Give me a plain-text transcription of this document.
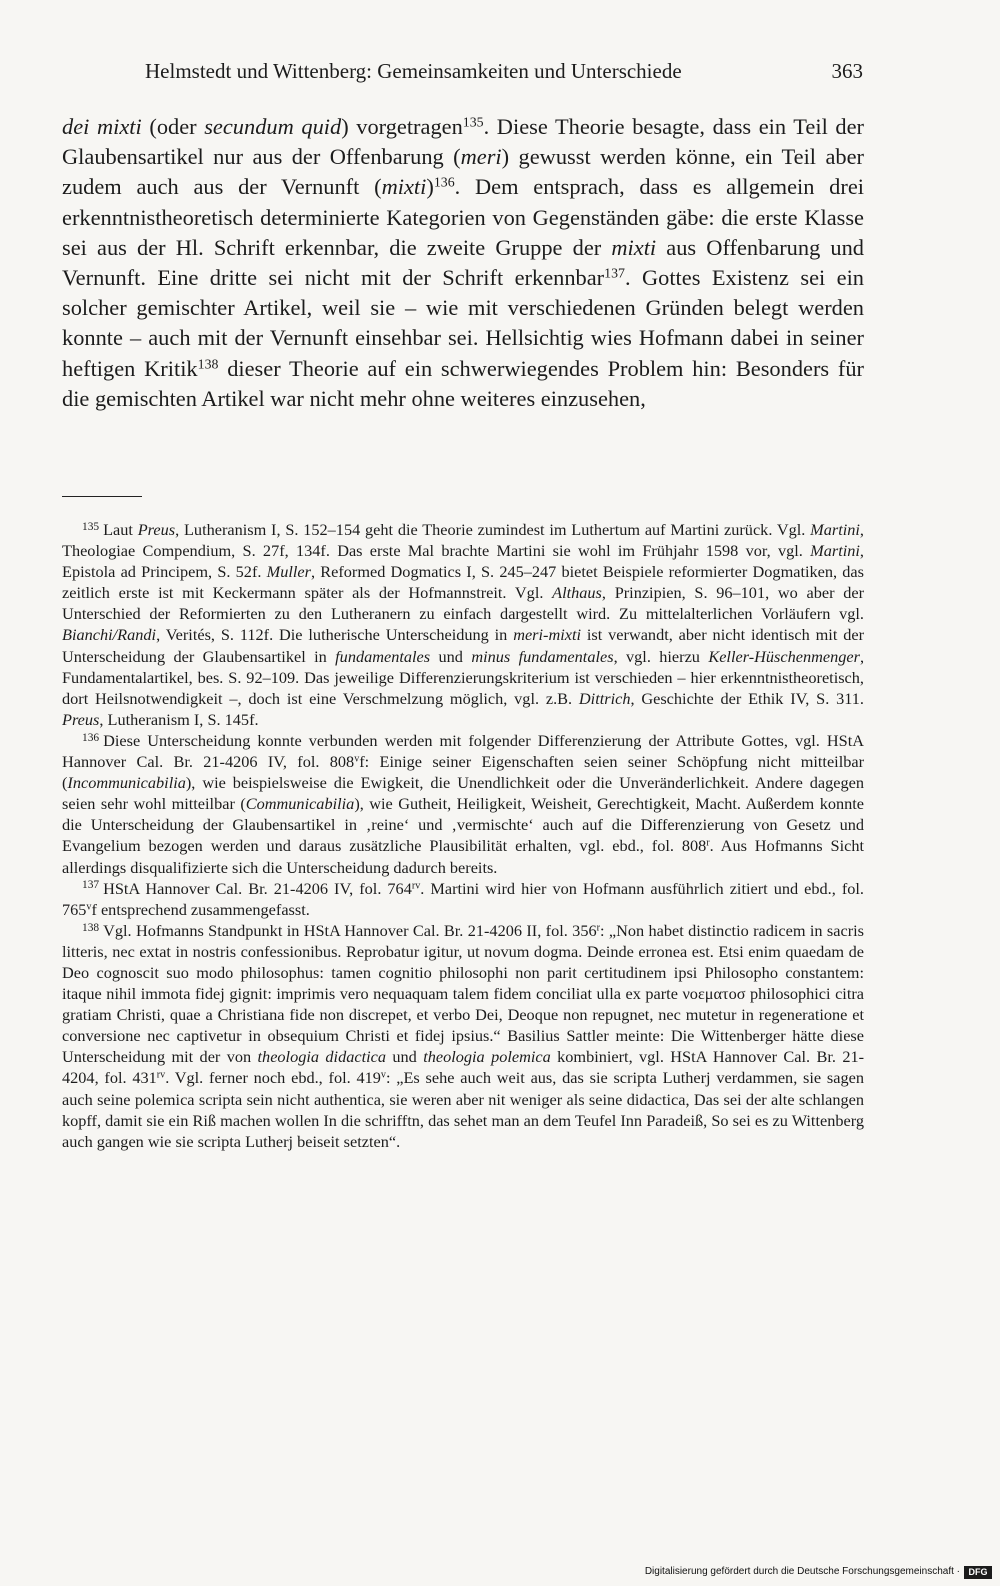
Helmstedt und Wittenberg: Gemeinsamkeiten und Unterschiede	363

dei mixti (oder secundum quid) vorgetragen$^{135}$. Diese Theorie besagte, dass ein Teil der Glaubensartikel nur aus der Offenbarung (meri) gewusst werden könne, ein Teil aber zudem auch aus der Vernunft (mixti)$^{136}$. Dem entsprach, dass es allgemein drei erkenntnistheoretisch determinierte Kategorien von Gegenständen gäbe: die erste Klasse sei aus der Hl. Schrift erkennbar, die zweite Gruppe der mixti aus Offenbarung und Vernunft. Eine dritte sei nicht mit der Schrift erkennbar$^{137}$. Gottes Existenz sei ein solcher gemischter Artikel, weil sie – wie mit verschiedenen Gründen belegt werden konnte – auch mit der Vernunft einsehbar sei. Hellsichtig wies Hofmann dabei in seiner heftigen Kritik$^{138}$ dieser Theorie auf ein schwerwiegendes Problem hin: Besonders für die gemischten Artikel war nicht mehr ohne weiteres einzusehen,

$^{135}$ Laut Preus, Lutheranism I, S. 152–154 geht die Theorie zumindest im Luthertum auf Martini zurück. Vgl. Martini, Theologiae Compendium, S. 27f, 134f. Das erste Mal brachte Martini sie wohl im Frühjahr 1598 vor, vgl. Martini, Epistola ad Principem, S. 52f. Muller, Reformed Dogmatics I, S. 245–247 bietet Beispiele reformierter Dogmatiken, das zeitlich erste ist mit Keckermann später als der Hofmannstreit. Vgl. Althaus, Prinzipien, S. 96–101, wo aber der Unterschied der Reformierten zu den Lutheranern zu einfach dargestellt wird. Zu mittelalterlichen Vorläufern vgl. Bianchi/Randi, Verités, S. 112f. Die lutherische Unterscheidung in meri-mixti ist verwandt, aber nicht identisch mit der Unterscheidung der Glaubensartikel in fundamentales und minus fundamentales, vgl. hierzu Keller-Hüschenmenger, Fundamentalartikel, bes. S. 92–109. Das jeweilige Differenzierungskriterium ist verschieden – hier erkenntnistheoretisch, dort Heilsnotwendigkeit –, doch ist eine Verschmelzung möglich, vgl. z.B. Dittrich, Geschichte der Ethik IV, S. 311. Preus, Lutheranism I, S. 145f.

$^{136}$ Diese Unterscheidung konnte verbunden werden mit folgender Differenzierung der Attribute Gottes, vgl. HStA Hannover Cal. Br. 21-4206 IV, fol. 808$^v$f: Einige seiner Eigenschaften seien seiner Schöpfung nicht mitteilbar (Incommunicabilia), wie beispielsweise die Ewigkeit, die Unendlichkeit oder die Unveränderlichkeit. Andere dagegen seien sehr wohl mitteilbar (Communicabilia), wie Gutheit, Heiligkeit, Weisheit, Gerechtigkeit, Macht. Außerdem konnte die Unterscheidung der Glaubensartikel in ‚reine‘ und ‚vermischte‘ auch auf die Differenzierung von Gesetz und Evangelium bezogen werden und daraus zusätzliche Plausibilität erhalten, vgl. ebd., fol. 808$^r$. Aus Hofmanns Sicht allerdings disqualifizierte sich die Unterscheidung dadurch bereits.

$^{137}$ HStA Hannover Cal. Br. 21-4206 IV, fol. $764^{rv}$. Martini wird hier von Hofmann ausführlich zitiert und ebd., fol. 765$^v$f entsprechend zusammengefasst.

$^{138}$ Vgl. Hofmanns Standpunkt in HStA Hannover Cal. Br. 21-4206 II, fol. 356$^r$: „Non habet distinctio radicem in sacris litteris, nec extat in nostris confessionibus. Reprobatur igitur, ut novum dogma. Deinde erronea est. Etsi enim quaedam de Deo cognoscit suo modo philosophus: tamen cognitio philosophi non parit certitudinem ipsi Philosopho constantem: itaque nihil immota fidej gignit: imprimis vero nequaquam talem fidem conciliat ulla ex parte νοεματοσ philosophici citra gratiam Christi, quae a Christiana fide non discrepet, et verbo Dei, Deoque non repugnet, nec mutetur in regeneratione et conversione nec captivetur in obsequium Christi et fidej ipsius.“ Basilius Sattler meinte: Die Wittenberger hätte diese Unterscheidung mit der von theologia didactica und theologia polemica kombiniert, vgl. HStA Hannover Cal. Br. 21-4204, fol. $431^{rv}$. Vgl. ferner noch ebd., fol. 419$^v$: „Es sehe auch weit aus, das sie scripta Lutherj verdammen, sie sagen auch seine polemica scripta sein nicht authentica, sie weren aber nit weniger als seine didactica, Das sei der alte schlangen kopff, damit sie ein Riß machen wollen In die schrifftn, das sehet man an dem Teufel Inn Paradeiß, So sei es zu Wittenberg auch gangen wie sie scripta Lutherj beiseit setzten“.

Digitalisierung gefördert durch die Deutsche Forschungsgemeinschaft · DFG
